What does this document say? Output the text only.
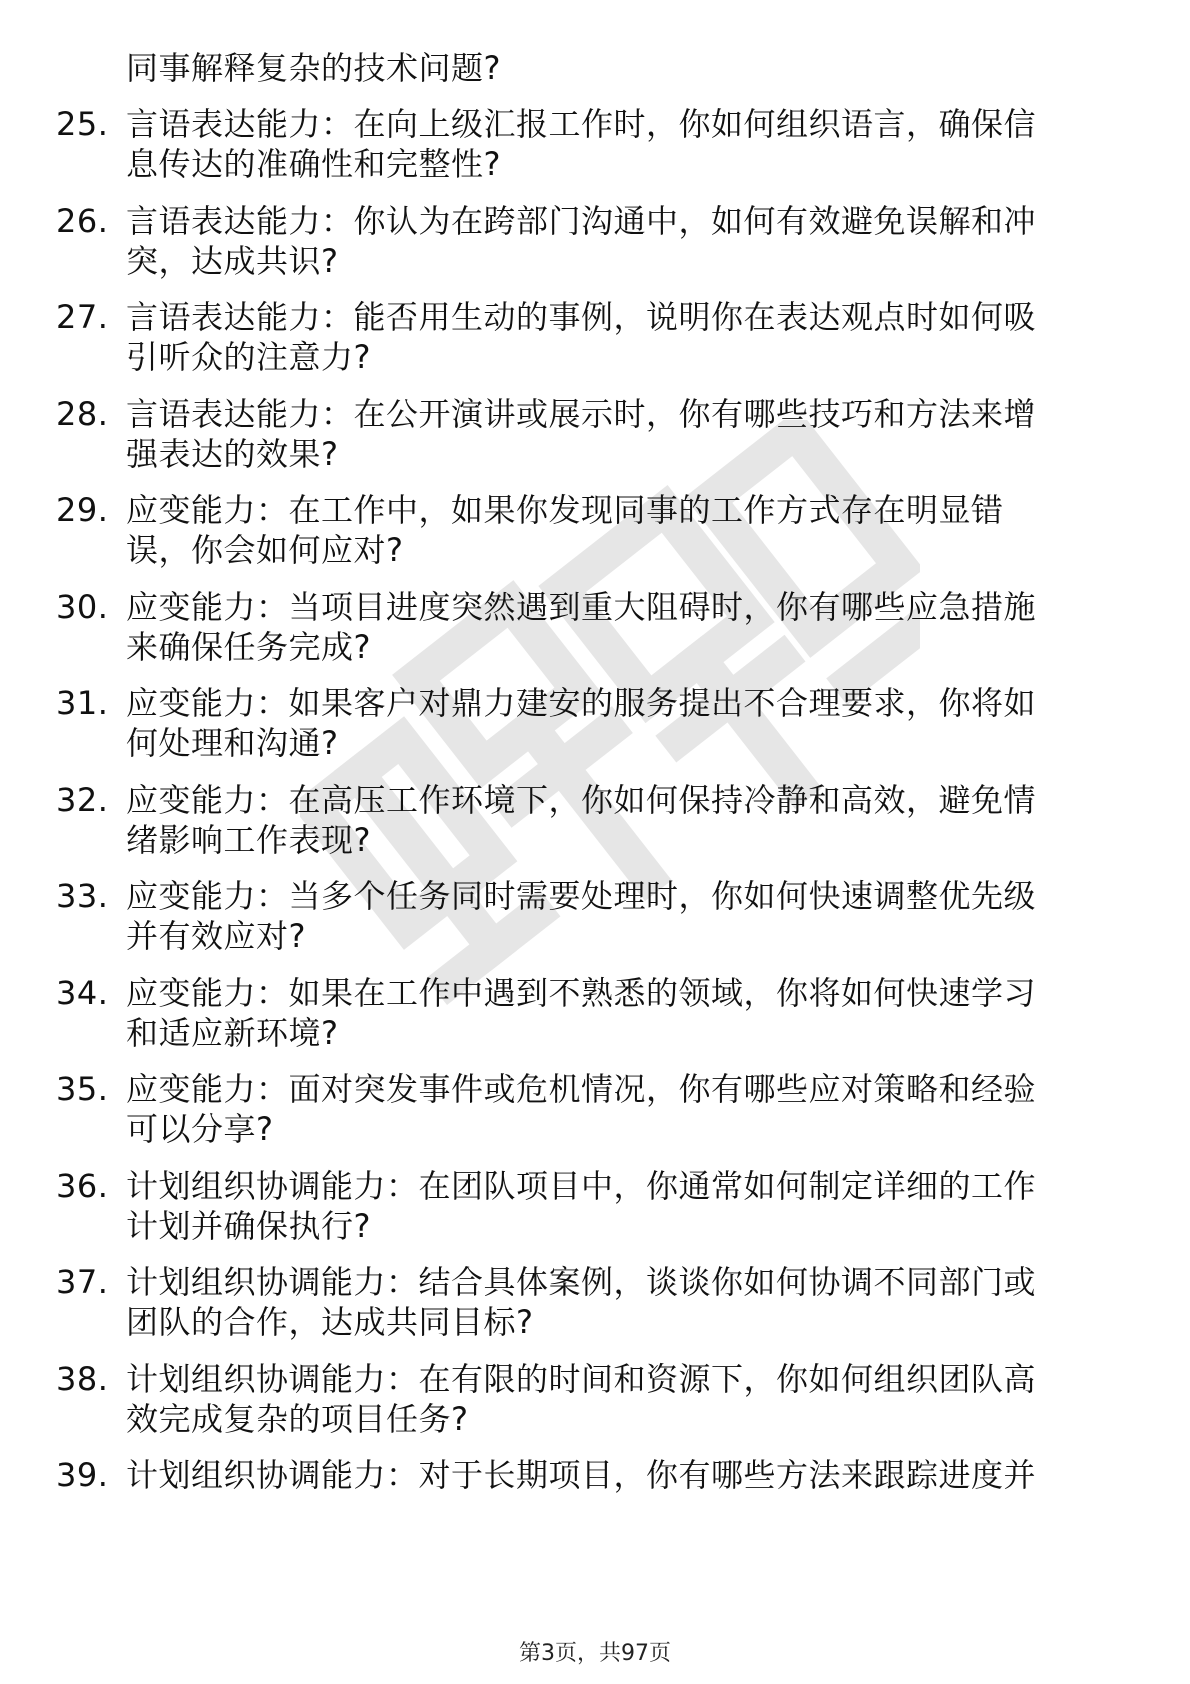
同事解释复杂的技术问题?
25. 言语表达能力：在向上级汇报工作时，你如何组织语言，确保信
息传达的准确性和完整性?
26. 言语表达能力：你认为在跨部门沟通中，如何有效避免误解和冲
突，达成共识?
27. 言语表达能力：能否用生动的事例，说明你在表达观点时如何吸
引听众的注意力?
28. 言语表达能力：在公开演讲或展示时，你有哪些技巧和方法来增
强表达的效果?
29. 应变能力：在工作中，如果你发现同事的工作方式存在明显错
误，你会如何应对?
30. 应变能力：当项目进度突然遇到重大阻碍时，你有哪些应急措施
来确保任务完成?
31. 应变能力：如果客户对鼎力建安的服务提出不合理要求，你将如
何处理和沟通?
32. 应变能力：在高压工作环境下，你如何保持冷静和高效，避免情
绪影响工作表现?
33. 应变能力：当多个任务同时需要处理时，你如何快速调整优先级
并有效应对?
34. 应变能力：如果在工作中遇到不熟悉的领域，你将如何快速学习
和适应新环境?
35. 应变能力：面对突发事件或危机情况，你有哪些应对策略和经验
可以分享?
36. 计划组织协调能力：在团队项目中，你通常如何制定详细的工作
计划并确保执行?
37. 计划组织协调能力：结合具体案例，谈谈你如何协调不同部门或
团队的合作，达成共同目标?
38. 计划组织协调能力：在有限的时间和资源下，你如何组织团队高
效完成复杂的项目任务?
39. 计划组织协调能力：对于长期项目，你有哪些方法来跟踪进度并
第3页，共97页
